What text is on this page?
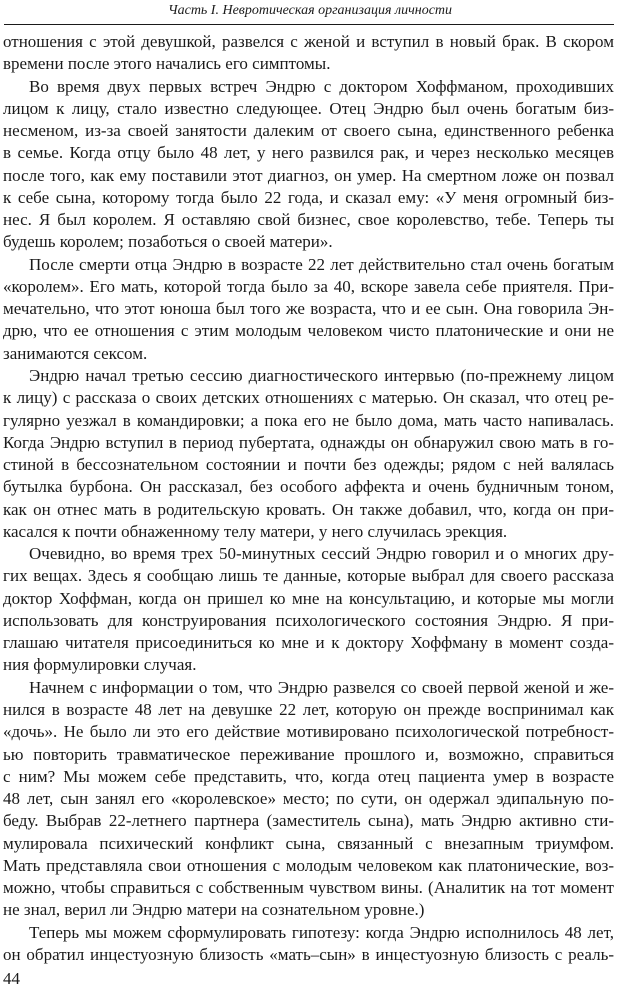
Часть I. Невротическая организация личности
отношения с этой девушкой, развелся с женой и вступил в новый брак. В скором
времени после этого начались его симптомы.
Во время двух первых встреч Эндрю с доктором Хоффманом, проходивших
лицом к лицу, стало известно следующее. Отец Эндрю был очень богатым биз-
несменом, из-за своей занятости далеким от своего сына, единственного ребенка
в семье. Когда отцу было 48 лет, у него развился рак, и через несколько месяцев
после того, как ему поставили этот диагноз, он умер. На смертном ложе он позвал
к себе сына, которому тогда было 22 года, и сказал ему: «У меня огромный биз-
нес. Я был королем. Я оставляю свой бизнес, свое королевство, тебе. Теперь ты
будешь королем; позаботься о своей матери».
После смерти отца Эндрю в возрасте 22 лет действительно стал очень богатым
«королем». Его мать, которой тогда было за 40, вскоре завела себе приятеля. При-
мечательно, что этот юноша был того же возраста, что и ее сын. Она говорила Эн-
дрю, что ее отношения с этим молодым человеком чисто платонические и они не
занимаются сексом.
Эндрю начал третью сессию диагностического интервью (по-прежнему лицом
к лицу) с рассказа о своих детских отношениях с матерью. Он сказал, что отец ре-
гулярно уезжал в командировки; а пока его не было дома, мать часто напивалась.
Когда Эндрю вступил в период пубертата, однажды он обнаружил свою мать в го-
стиной в бессознательном состоянии и почти без одежды; рядом с ней валялась
бутылка бурбона. Он рассказал, без особого аффекта и очень будничным тоном,
как он отнес мать в родительскую кровать. Он также добавил, что, когда он при-
касался к почти обнаженному телу матери, у него случилась эрекция.
Очевидно, во время трех 50-минутных сессий Эндрю говорил и о многих дру-
гих вещах. Здесь я сообщаю лишь те данные, которые выбрал для своего рассказа
доктор Хоффман, когда он пришел ко мне на консультацию, и которые мы могли
использовать для конструирования психологического состояния Эндрю. Я при-
глашаю читателя присоединиться ко мне и к доктору Хоффману в момент созда-
ния формулировки случая.
Начнем с информации о том, что Эндрю развелся со своей первой женой и же-
нился в возрасте 48 лет на девушке 22 лет, которую он прежде воспринимал как
«дочь». Не было ли это его действие мотивировано психологической потребност-
ью повторить травматическое переживание прошлого и, возможно, справиться
с ним? Мы можем себе представить, что, когда отец пациента умер в возрасте
48 лет, сын занял его «королевское» место; по сути, он одержал эдипальную по-
беду. Выбрав 22-летнего партнера (заместитель сына), мать Эндрю активно сти-
мулировала психический конфликт сына, связанный с внезапным триумфом.
Мать представляла свои отношения с молодым человеком как платонические, воз-
можно, чтобы справиться с собственным чувством вины. (Аналитик на тот момент
не знал, верил ли Эндрю матери на сознательном уровне.)
Теперь мы можем сформулировать гипотезу: когда Эндрю исполнилось 48 лет,
он обратил инцестуозную близость «мать–сын» в инцестуозную близость с реаль-
44
